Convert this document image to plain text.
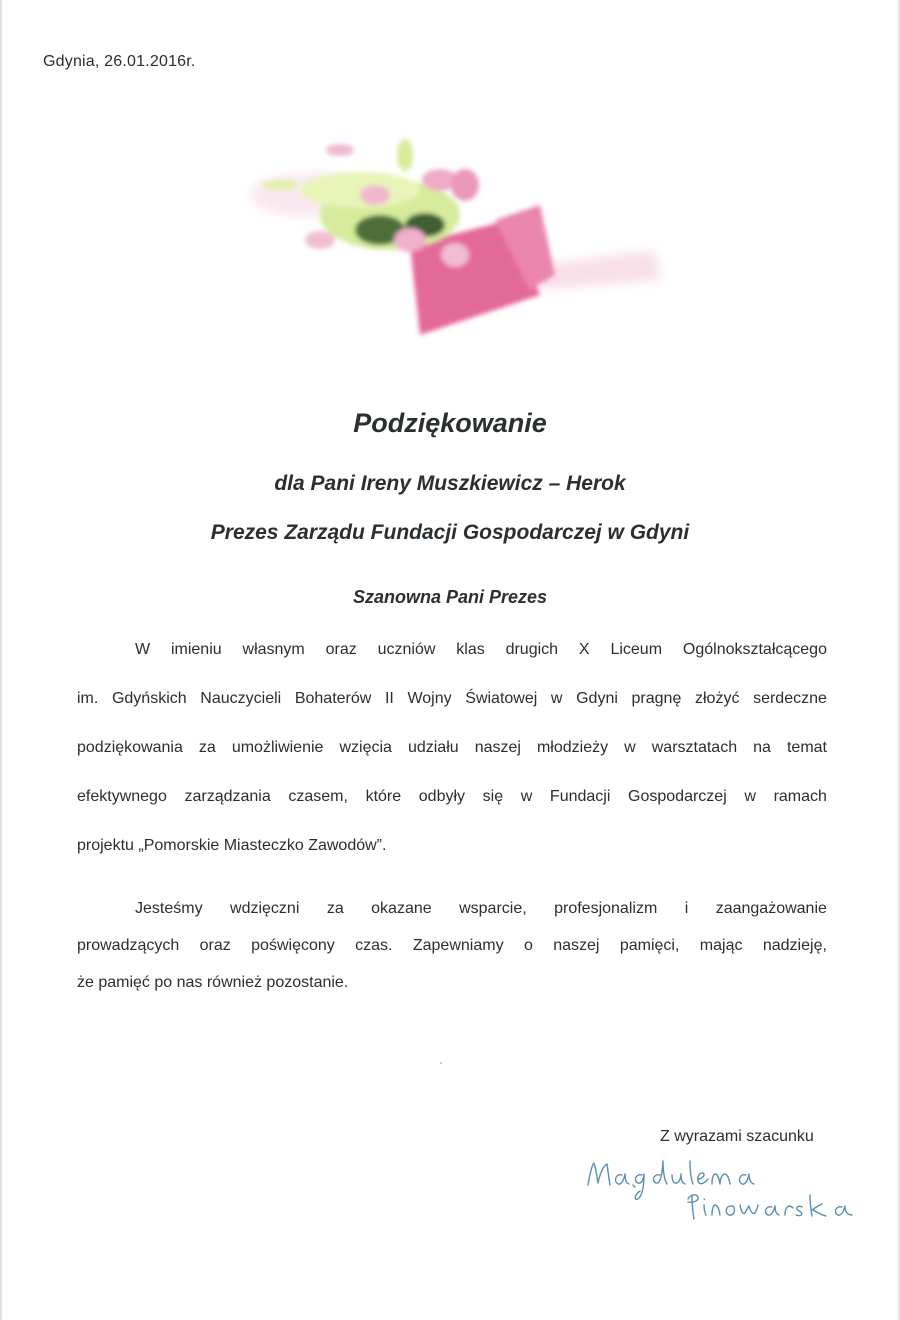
Gdynia, 26.01.2016r.
Podziękowanie
dla Pani Ireny Muszkiewicz – Herok
Prezes Zarządu Fundacji Gospodarczej w Gdyni
Szanowna Pani Prezes
W imieniu własnym oraz uczniów klas drugich X Liceum Ogólnokształcącego
im. Gdyńskich Nauczycieli Bohaterów II Wojny Światowej w Gdyni pragnę złożyć serdeczne
podziękowania za umożliwienie wzięcia udziału naszej młodzieży w warsztatach na temat
efektywnego zarządzania czasem, które odbyły się w Fundacji Gospodarczej w ramach
projektu „Pomorskie Miasteczko Zawodów”.
Jesteśmy wdzięczni za okazane wsparcie, profesjonalizm i zaangażowanie
prowadzących oraz poświęcony czas. Zapewniamy o naszej pamięci, mając nadzieję,
że pamięć po nas również pozostanie.
Z wyrazami szacunku
